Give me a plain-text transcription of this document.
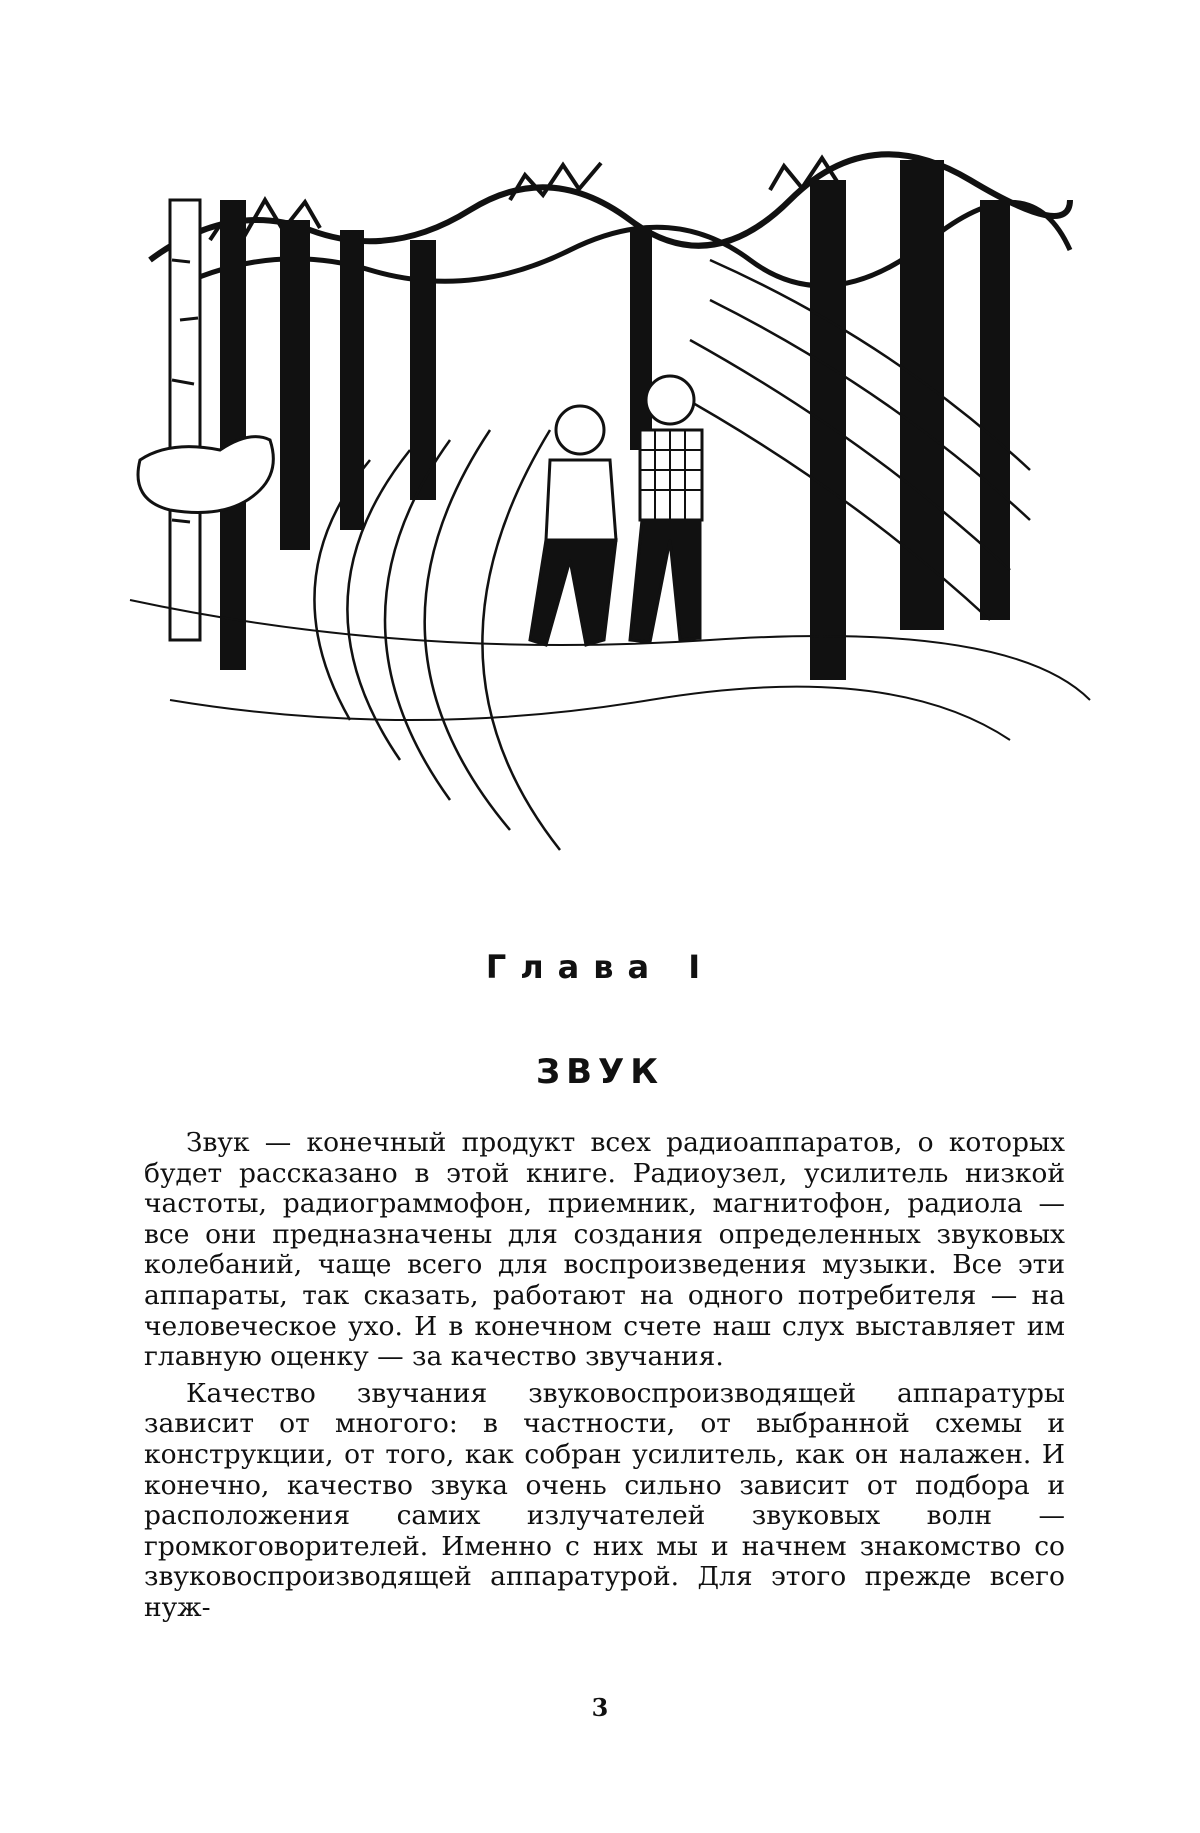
Глава I
ЗВУК

Звук — конечный продукт всех радиоаппаратов, о которых будет рассказано в этой книге. Радиоузел, усилитель низкой частоты, радиограммофон, приемник, магнитофон, радиола — все они предназначены для создания определенных звуковых колебаний, чаще всего для воспроизведения музыки. Все эти аппараты, так сказать, работают на одного потребителя — на человеческое ухо. И в конечном счете наш слух выставляет им главную оценку — за качество звучания.

Качество звучания звуковоспроизводящей аппаратуры зависит от многого: в частности, от выбранной схемы и конструкции, от того, как собран усилитель, как он налажен. И конечно, качество звука очень сильно зависит от подбора и расположения самих излучателей звуковых волн — громкоговорителей. Именно с них мы и начнем знакомство со звуковоспроизводящей аппаратурой. Для этого прежде всего нуж-

3
